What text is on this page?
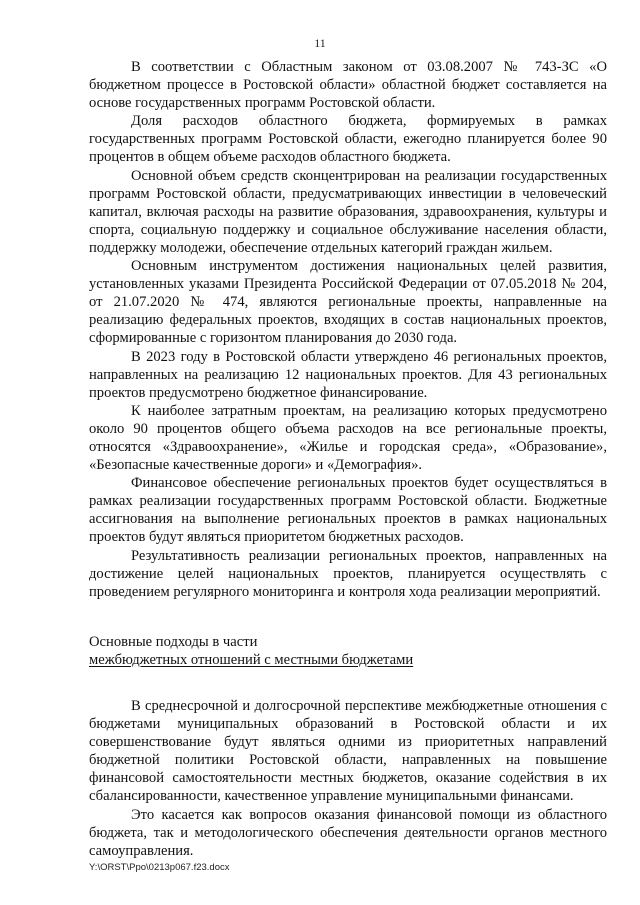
11

В соответствии с Областным законом от 03.08.2007 № 743-ЗС «О бюджетном процессе в Ростовской области» областной бюджет составляется на основе государственных программ Ростовской области.

Доля расходов областного бюджета, формируемых в рамках государственных программ Ростовской области, ежегодно планируется более 90 процентов в общем объеме расходов областного бюджета.

Основной объем средств сконцентрирован на реализации государственных программ Ростовской области, предусматривающих инвестиции в человеческий капитал, включая расходы на развитие образования, здравоохранения, культуры и спорта, социальную поддержку и социальное обслуживание населения области, поддержку молодежи, обеспечение отдельных категорий граждан жильем.

Основным инструментом достижения национальных целей развития, установленных указами Президента Российской Федерации от 07.05.2018 № 204, от 21.07.2020 № 474, являются региональные проекты, направленные на реализацию федеральных проектов, входящих в состав национальных проектов, сформированные с горизонтом планирования до 2030 года.

В 2023 году в Ростовской области утверждено 46 региональных проектов, направленных на реализацию 12 национальных проектов. Для 43 региональных проектов предусмотрено бюджетное финансирование.

К наиболее затратным проектам, на реализацию которых предусмотрено около 90 процентов общего объема расходов на все региональные проекты, относятся «Здравоохранение», «Жилье и городская среда», «Образование», «Безопасные качественные дороги» и «Демография».

Финансовое обеспечение региональных проектов будет осуществляться в рамках реализации государственных программ Ростовской области. Бюджетные ассигнования на выполнение региональных проектов в рамках национальных проектов будут являться приоритетом бюджетных расходов.

Результативность реализации региональных проектов, направленных на достижение целей национальных проектов, планируется осуществлять с проведением регулярного мониторинга и контроля хода реализации мероприятий.

Основные подходы в части

межбюджетных отношений с местными бюджетами

В среднесрочной и долгосрочной перспективе межбюджетные отношения с бюджетами муниципальных образований в Ростовской области и их совершенствование будут являться одними из приоритетных направлений бюджетной политики Ростовской области, направленных на повышение финансовой самостоятельности местных бюджетов, оказание содействия в их сбалансированности, качественное управление муниципальными финансами.

Это касается как вопросов оказания финансовой помощи из областного бюджета, так и методологического обеспечения деятельности органов местного самоуправления.

Y:\ORST\Ppo\0213p067.f23.docx
